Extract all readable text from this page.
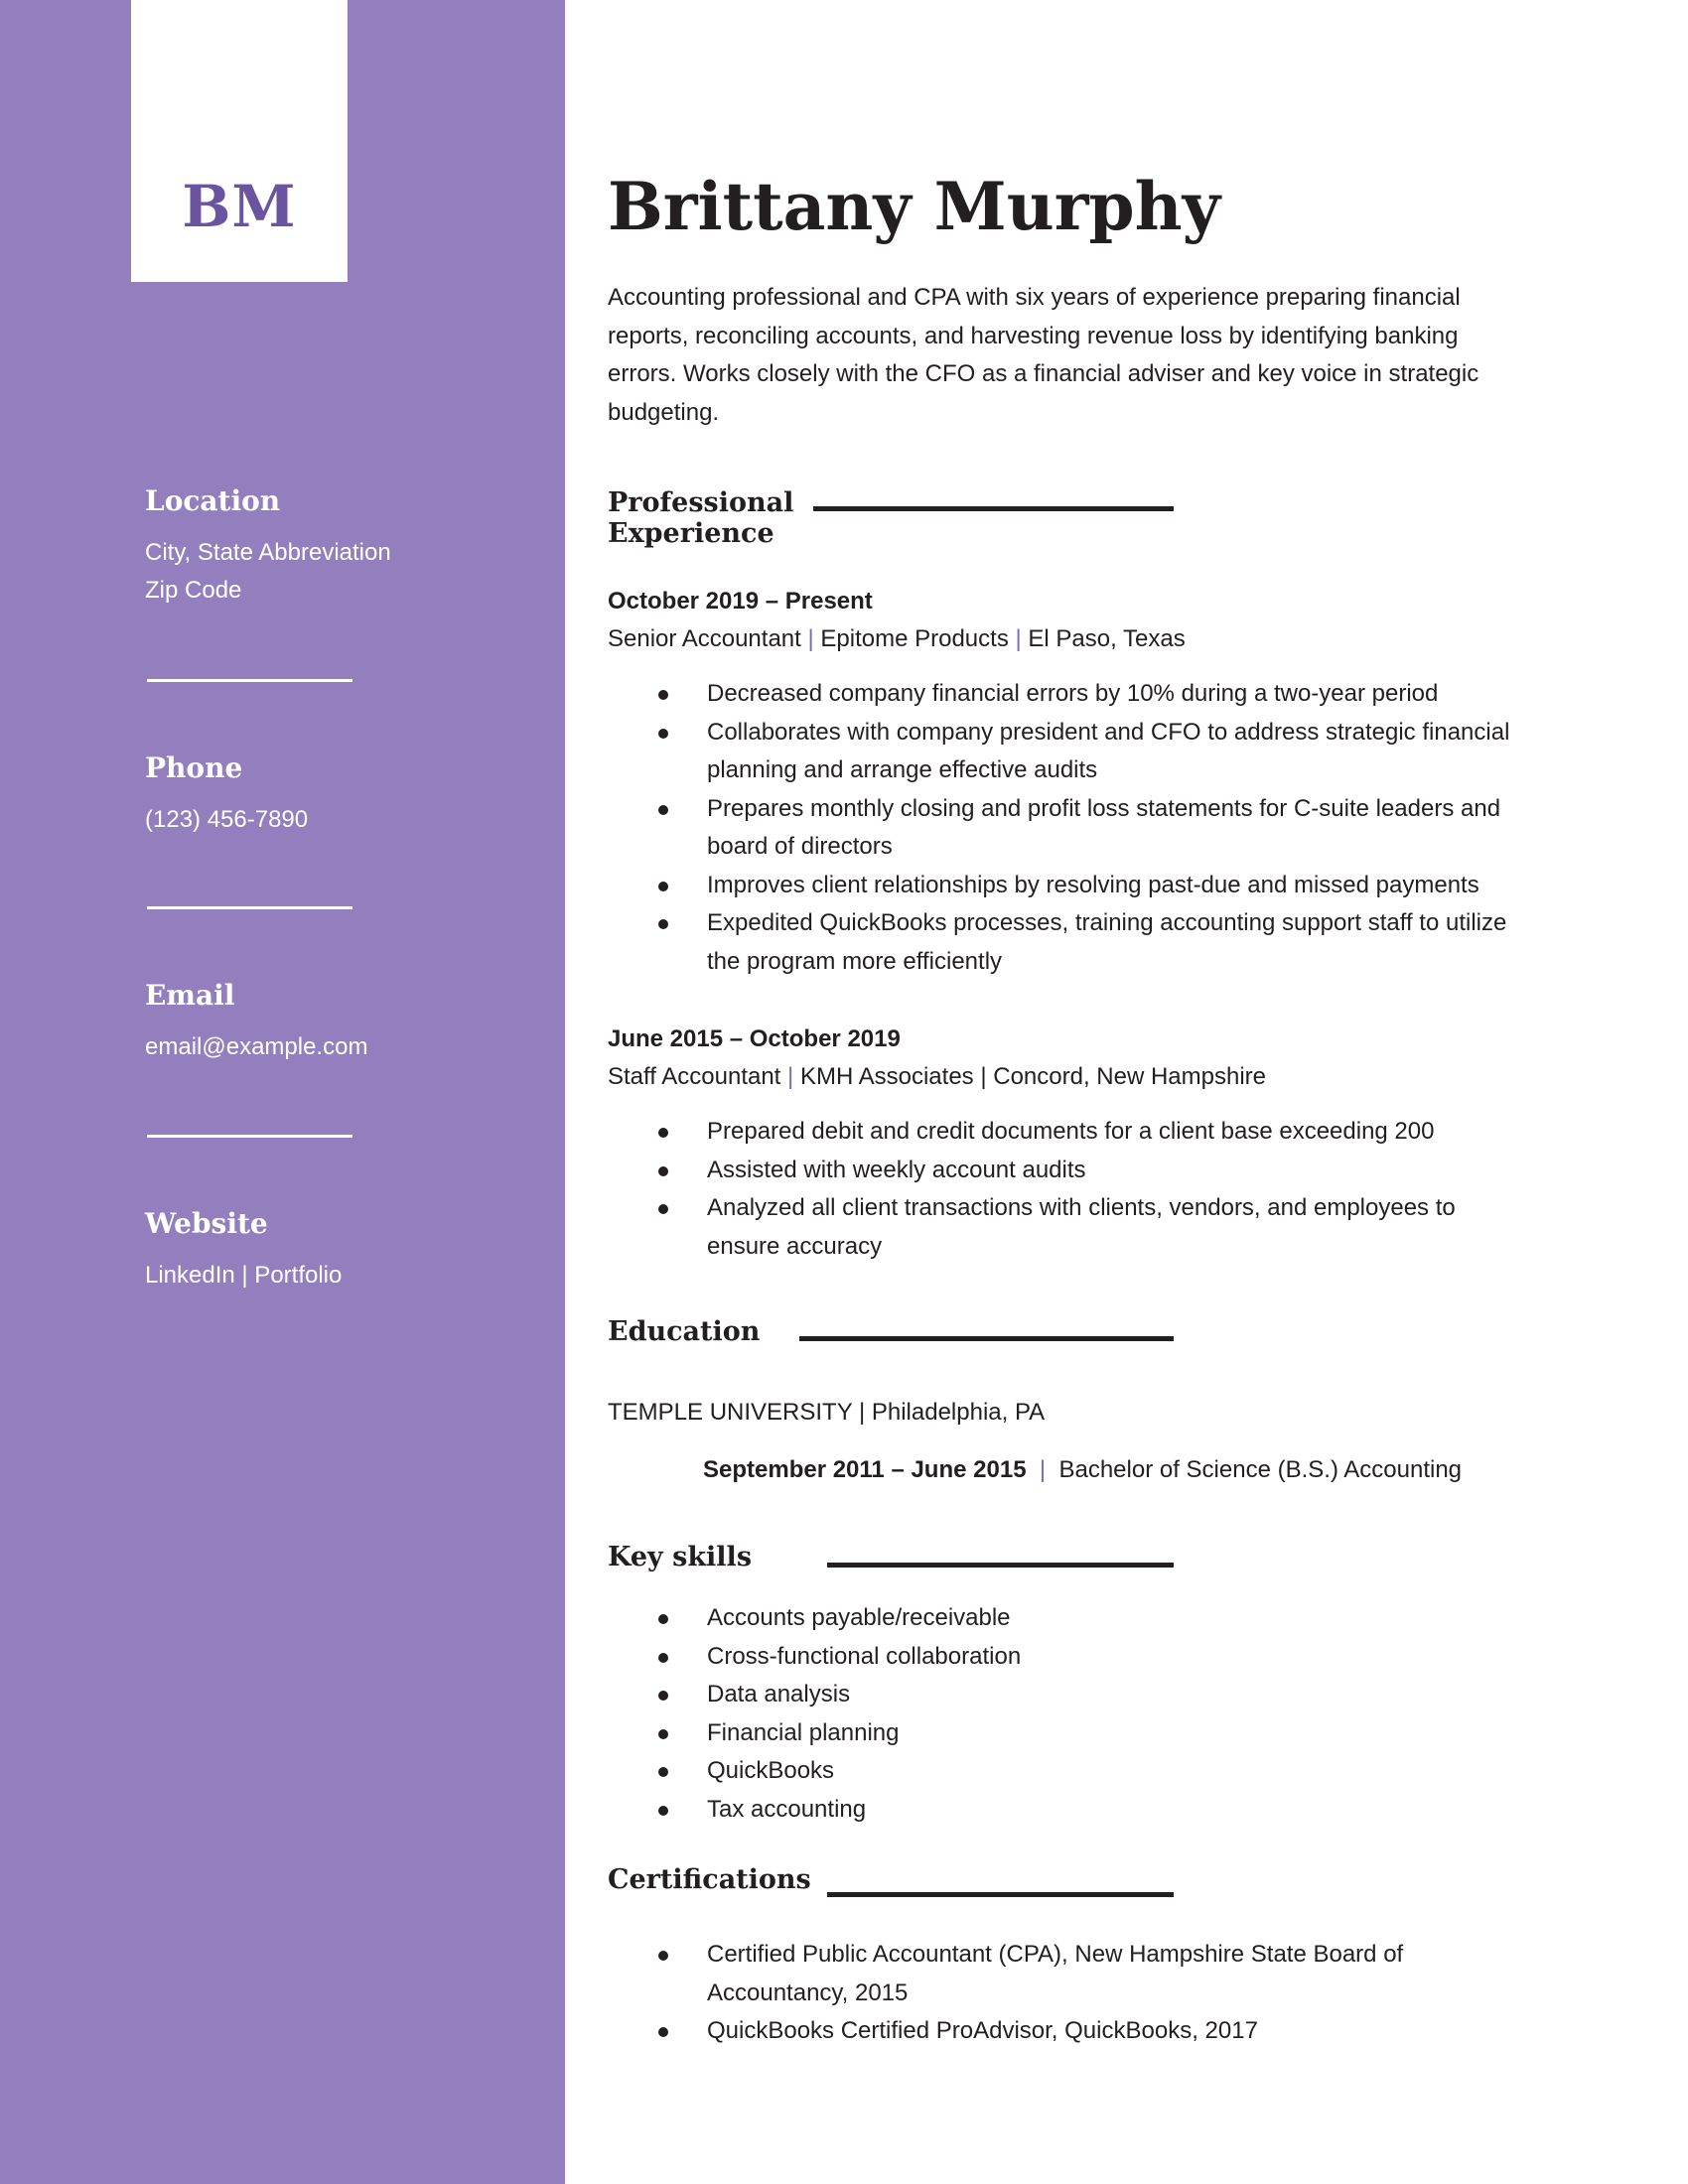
BM
Location
City, State Abbreviation
Zip Code
Phone
(123) 456-7890
Email
email@example.com
Website
LinkedIn | Portfolio
Brittany Murphy

Accounting professional and CPA with six years of experience preparing financial reports, reconciling accounts, and harvesting revenue loss by identifying banking errors. Works closely with the CFO as a financial adviser and key voice in strategic budgeting.

Professional
Experience
October 2019 – Present
Senior Accountant | Epitome Products | El Paso, Texas
Decreased company financial errors by 10% during a two-year period
Collaborates with company president and CFO to address strategic financial planning and arrange effective audits
Prepares monthly closing and profit loss statements for C-suite leaders and board of directors
Improves client relationships by resolving past-due and missed payments
Expedited QuickBooks processes, training accounting support staff to utilize the program more efficiently
June 2015 – October 2019
Staff Accountant | KMH Associates | Concord, New Hampshire
Prepared debit and credit documents for a client base exceeding 200
Assisted with weekly account audits
Analyzed all client transactions with clients, vendors, and employees to ensure accuracy
Education
TEMPLE UNIVERSITY | Philadelphia, PA
September 2011 – June 2015  |  Bachelor of Science (B.S.) Accounting
Key skills
Accounts payable/receivable
Cross-functional collaboration
Data analysis
Financial planning
QuickBooks
Tax accounting
Certifications
Certified Public Accountant (CPA), New Hampshire State Board of Accountancy, 2015
QuickBooks Certified ProAdvisor, QuickBooks, 2017
